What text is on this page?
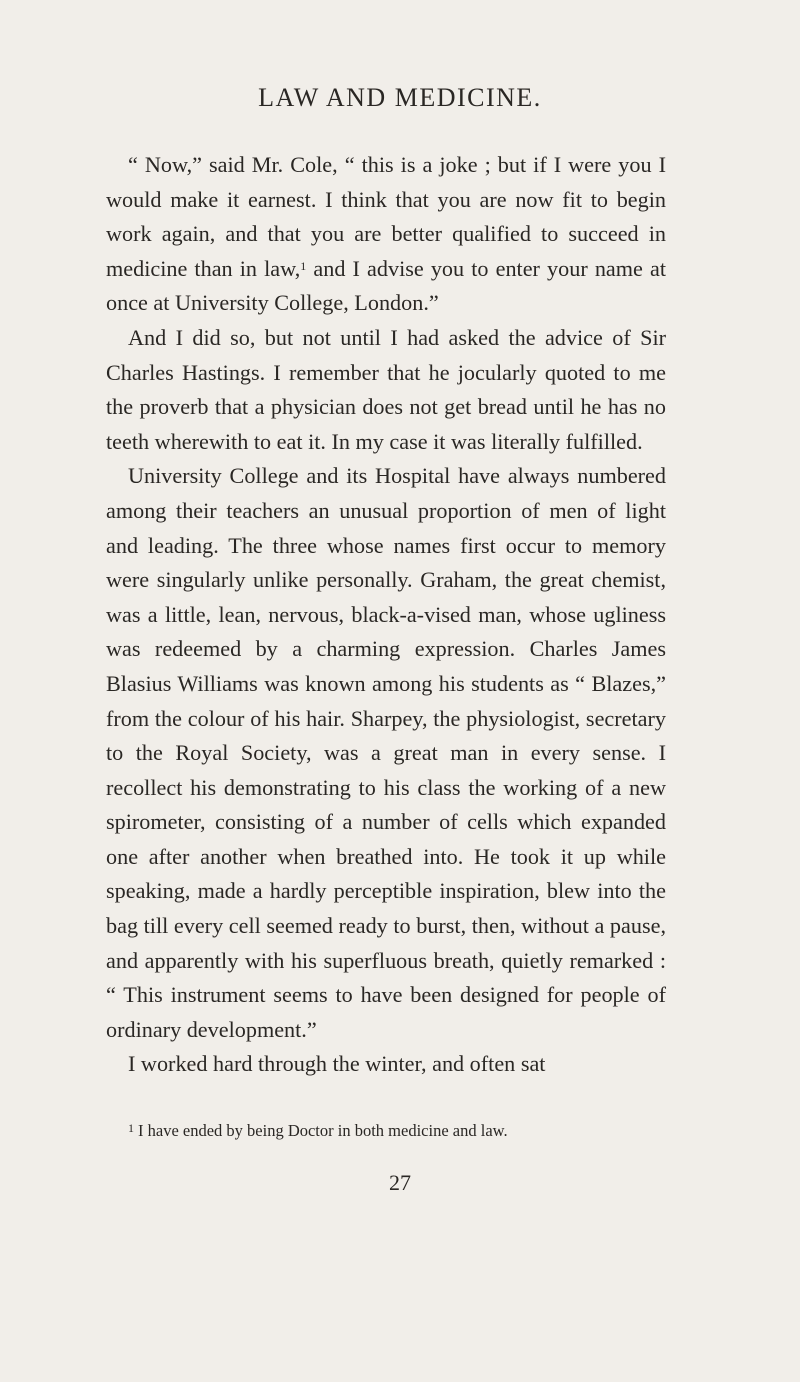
LAW AND MEDICINE.

“ Now,” said Mr. Cole, “ this is a joke ; but if I were you I would make it earnest. I think that you are now fit to begin work again, and that you are better qualified to succeed in medicine than in law,$^1$ and I advise you to enter your name at once at University College, London.”

And I did so, but not until I had asked the advice of Sir Charles Hastings. I remember that he jocularly quoted to me the proverb that a physician does not get bread until he has no teeth wherewith to eat it. In my case it was literally fulfilled.

University College and its Hospital have always numbered among their teachers an unusual proportion of men of light and leading. The three whose names first occur to memory were singularly unlike personally. Graham, the great chemist, was a little, lean, nervous, black-a-vised man, whose ugliness was redeemed by a charming expression. Charles James Blasius Williams was known among his students as “ Blazes,” from the colour of his hair. Sharpey, the physiologist, secretary to the Royal Society, was a great man in every sense. I recollect his demonstrating to his class the working of a new spirometer, consisting of a number of cells which expanded one after another when breathed into. He took it up while speaking, made a hardly perceptible inspiration, blew into the bag till every cell seemed ready to burst, then, without a pause, and apparently with his superfluous breath, quietly remarked : “ This instrument seems to have been designed for people of ordinary development.”

I worked hard through the winter, and often sat

$^1$ I have ended by being Doctor in both medicine and law.

27
